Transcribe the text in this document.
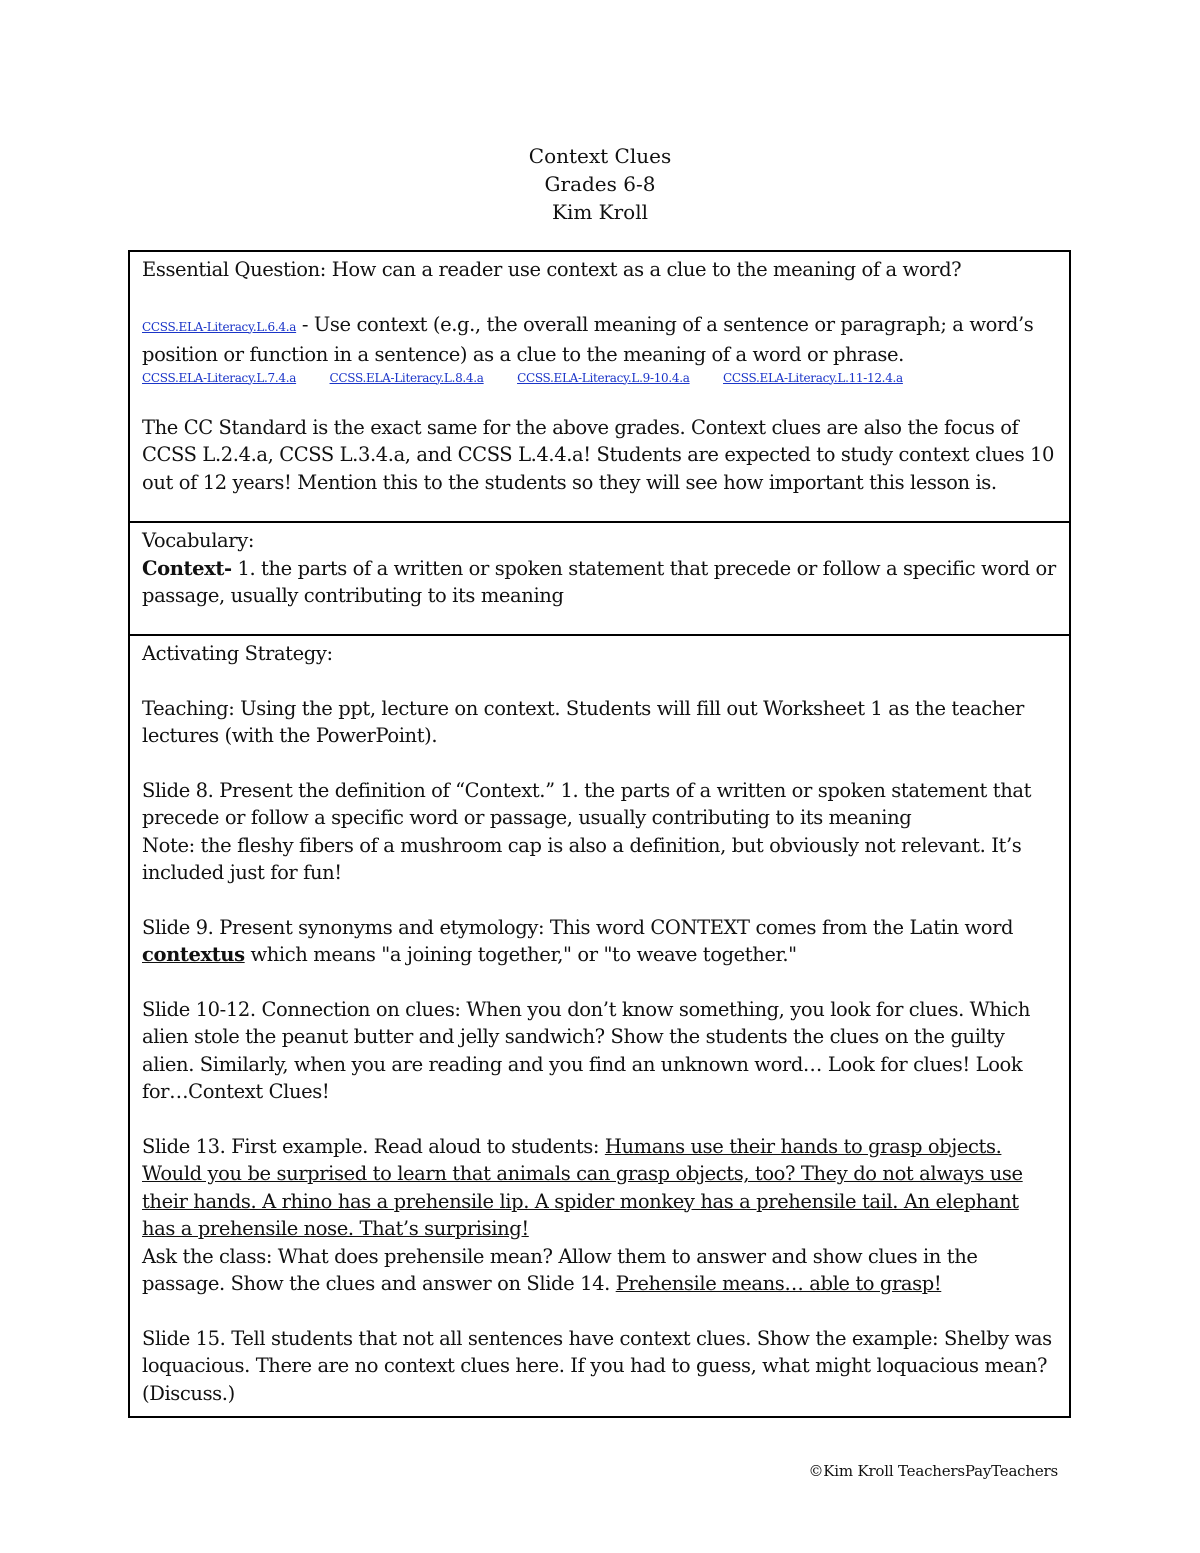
Context Clues
Grades 6-8
Kim Kroll

Essential Question: How can a reader use context as a clue to the meaning of a word?

CCSS.ELA-Literacy.L.6.4.a - Use context (e.g., the overall meaning of a sentence or paragraph; a word’s position or function in a sentence) as a clue to the meaning of a word or phrase.

CCSS.ELA-Literacy.L.7.4.a	CCSS.ELA-Literacy.L.8.4.a	CCSS.ELA-Literacy.L.9-10.4.a	CCSS.ELA-Literacy.L.11-12.4.a

The CC Standard is the exact same for the above grades. Context clues are also the focus of CCSS L.2.4.a, CCSS L.3.4.a, and CCSS L.4.4.a! Students are expected to study context clues 10 out of 12 years! Mention this to the students so they will see how important this lesson is.

Vocabulary:

Context- 1. the parts of a written or spoken statement that precede or follow a specific word or passage, usually contributing to its meaning

Activating Strategy:

Teaching: Using the ppt, lecture on context. Students will fill out Worksheet 1 as the teacher lectures (with the PowerPoint).

Slide 8. Present the definition of “Context.” 1. the parts of a written or spoken statement that precede or follow a specific word or passage, usually contributing to its meaning

Note: the fleshy fibers of a mushroom cap is also a definition, but obviously not relevant. It’s included just for fun!

Slide 9. Present synonyms and etymology: This word CONTEXT comes from the Latin word contextus which means "a joining together," or "to weave together."

Slide 10-12. Connection on clues: When you don’t know something, you look for clues. Which alien stole the peanut butter and jelly sandwich? Show the students the clues on the guilty alien. Similarly, when you are reading and you find an unknown word… Look for clues! Look for…Context Clues!

Slide 13. First example. Read aloud to students: Humans use their hands to grasp objects. Would you be surprised to learn that animals can grasp objects, too? They do not always use their hands. A rhino has a prehensile lip. A spider monkey has a prehensile tail. An elephant has a prehensile nose. That’s surprising!

Ask the class: What does prehensile mean? Allow them to answer and show clues in the passage. Show the clues and answer on Slide 14. Prehensile means… able to grasp!

Slide 15. Tell students that not all sentences have context clues. Show the example: Shelby was loquacious. There are no context clues here. If you had to guess, what might loquacious mean? (Discuss.)

©Kim Kroll TeachersPayTeachers
